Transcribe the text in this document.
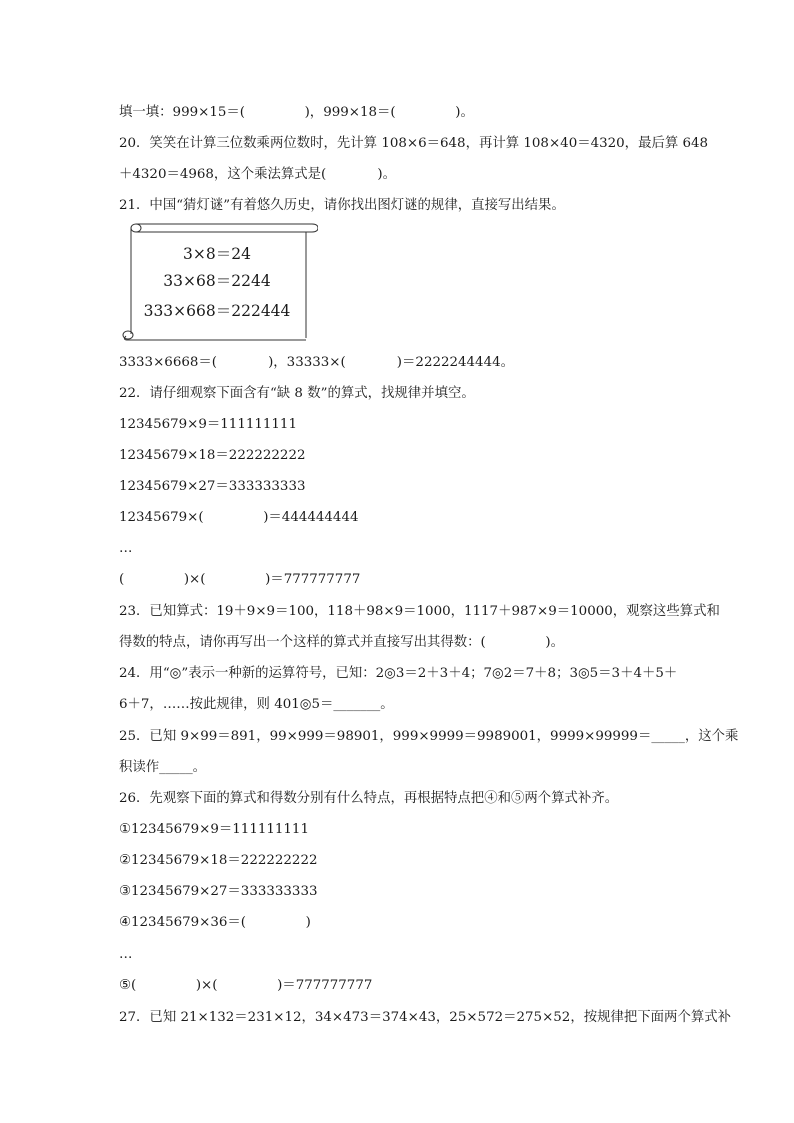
填一填：999×15＝(              )，999×18＝(              )。
20．笑笑在计算三位数乘两位数时，先计算 108×6＝648，再计算 108×40＝4320，最后算 648
＋4320＝4968，这个乘法算式是(            )。
21．中国“猜灯谜”有着悠久历史，请你找出图灯谜的规律，直接写出结果。
3×8＝24
33×68＝2244
333×668＝222444
3333×6668＝(            )，33333×(            )＝2222244444。
22．请仔细观察下面含有“缺 8 数”的算式，找规律并填空。
12345679×9＝111111111
12345679×18＝222222222
12345679×27＝333333333
12345679×(              )＝444444444
…
(              )×(              )＝777777777
23．已知算式：19＋9×9＝100，118＋98×9＝1000，1117＋987×9＝10000，观察这些算式和
得数的特点，请你再写出一个这样的算式并直接写出其得数：(              )。
24．用“◎”表示一种新的运算符号，已知：2◎3＝2＋3＋4；7◎2＝7＋8；3◎5＝3＋4＋5＋
6＋7，……按此规律，则 401◎5＝_______。
25．已知 9×99＝891，99×999＝98901，999×9999＝9989001，9999×99999＝_____，这个乘
积读作_____。
26．先观察下面的算式和得数分别有什么特点，再根据特点把④和⑤两个算式补齐。
①12345679×9＝111111111
②12345679×18＝222222222
③12345679×27＝333333333
④12345679×36＝(              )
…
⑤(              )×(              )＝777777777
27．已知 21×132＝231×12，34×473＝374×43，25×572＝275×52，按规律把下面两个算式补
